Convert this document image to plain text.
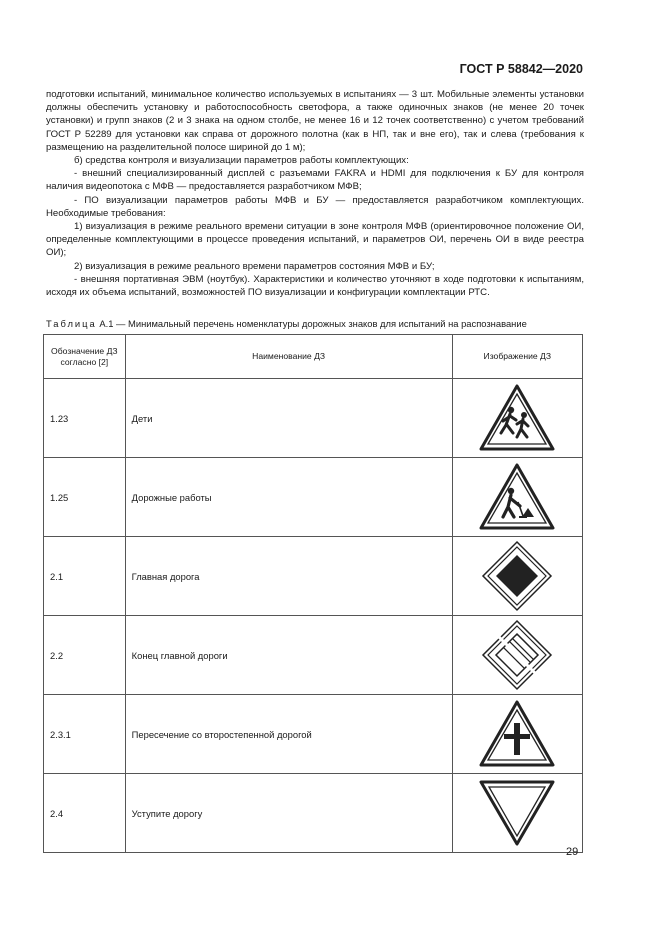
ГОСТ Р 58842—2020

подготовки испытаний, минимальное количество используемых в испытаниях — 3 шт. Мобильные элементы установки должны обеспечить установку и работоспособность светофора, а также одиночных знаков (не менее 20 точек установки) и групп знаков (2 и 3 знака на одном столбе, не менее 16 и 12 точек соответственно) с учетом требований ГОСТ Р 52289 для установки как справа от дорожного полотна (как в НП, так и вне его), так и слева (требования к размещению на разделительной полосе шириной до 1 м);

б) средства контроля и визуализации параметров работы комплектующих:

- внешний специализированный дисплей с разъемами FAKRA и HDMI для подключения к БУ для контроля наличия видеопотока с МФВ — предоставляется разработчиком МФВ;

- ПО визуализации параметров работы МФВ и БУ — предоставляется разработчиком комплектующих. Необходимые требования:

1) визуализация в режиме реального времени ситуации в зоне контроля МФВ (ориентировочное положение ОИ, определенные комплектующими в процессе проведения испытаний, и параметров ОИ, перечень ОИ в виде реестра ОИ);

2) визуализация в режиме реального времени параметров состояния МФВ и БУ;

- внешняя портативная ЭВМ (ноутбук). Характеристики и количество уточняют в ходе подготовки к испытаниям, исходя их объема испытаний, возможностей ПО визуализации и конфигурации комплектации РТС.

Таблица А.1 — Минимальный перечень номенклатуры дорожных знаков для испытаний на распознавание
Обозначение ДЗ согласно [2]	Наименование ДЗ	Изображение ДЗ
1.23	Дети	

1.25	Дорожные работы	

2.1	Главная дорога	

2.2	Конец главной дороги	

2.3.1	Пересечение со второстепенной дорогой	

2.4	Уступите дорогу	
29
